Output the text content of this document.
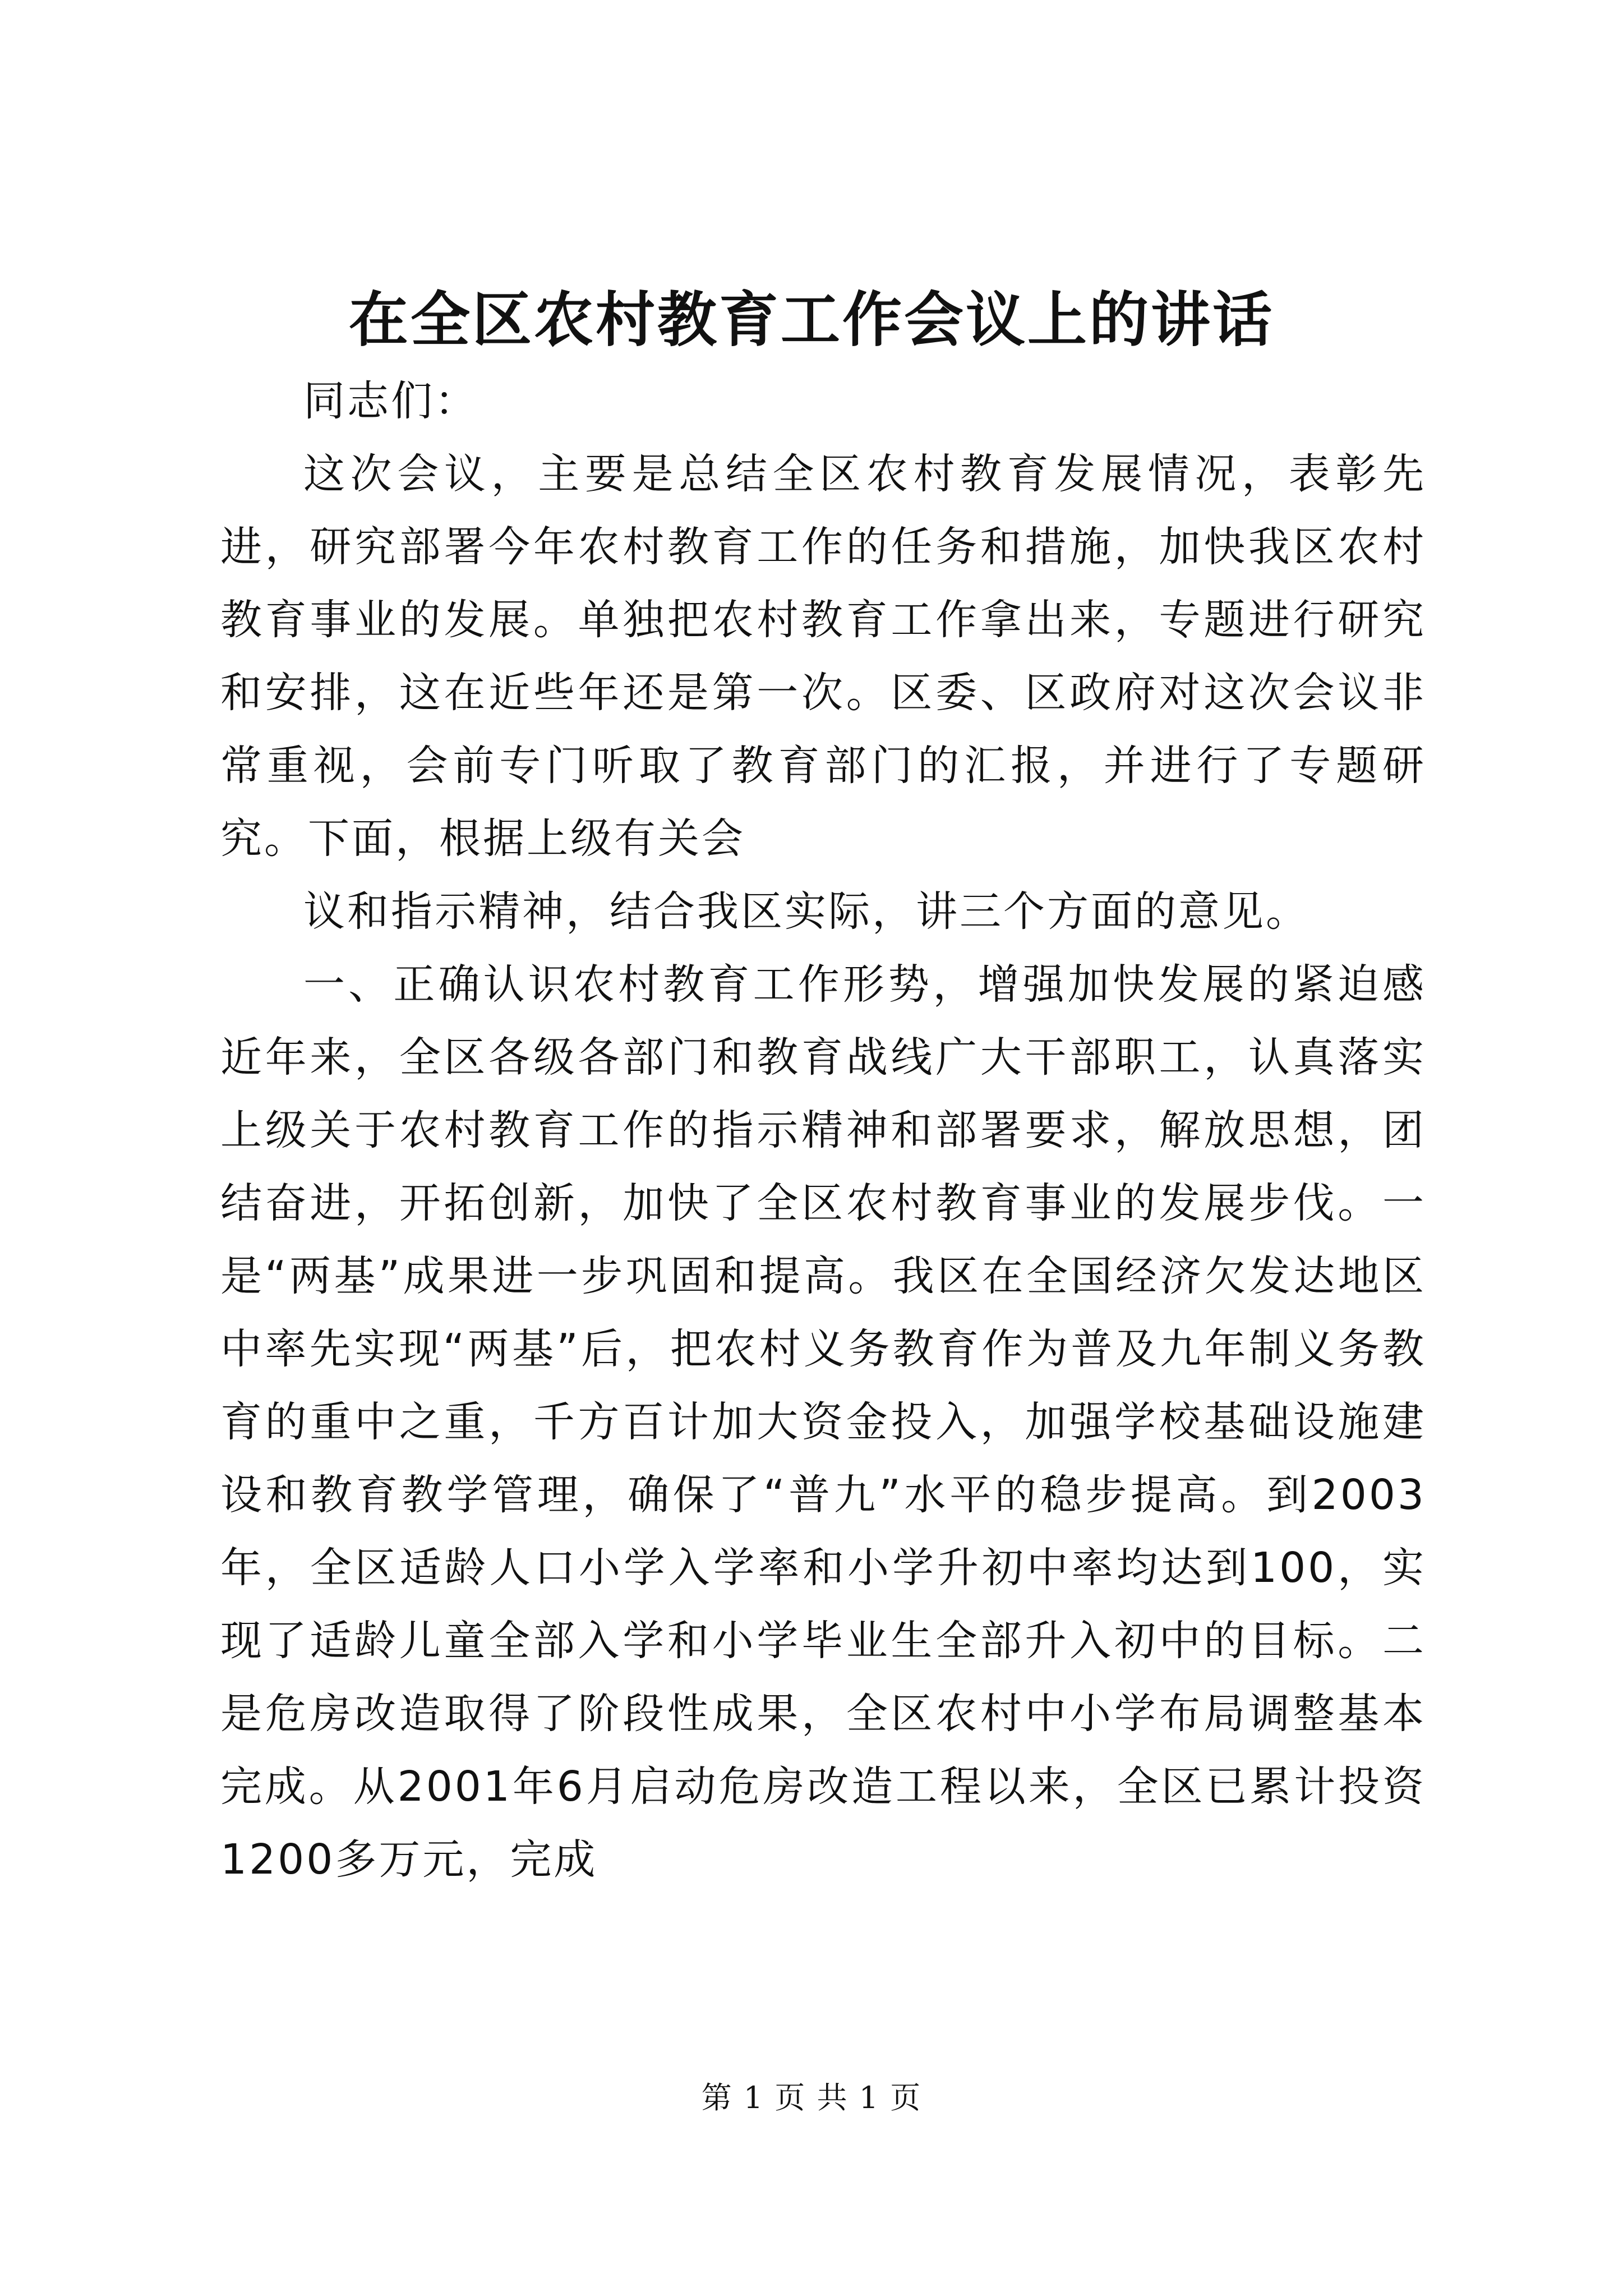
在全区农村教育工作会议上的讲话

同志们：

这次会议，主要是总结全区农村教育发展情况，表彰先进，研究部署今年农村教育工作的任务和措施，加快我区农村教育事业的发展。单独把农村教育工作拿出来，专题进行研究和安排，这在近些年还是第一次。区委、区政府对这次会议非常重视，会前专门听取了教育部门的汇报，并进行了专题研究。下面，根据上级有关会

议和指示精神，结合我区实际，讲三个方面的意见。

一、正确认识农村教育工作形势，增强加快发展的紧迫感近年来，全区各级各部门和教育战线广大干部职工，认真落实上级关于农村教育工作的指示精神和部署要求，解放思想，团结奋进，开拓创新，加快了全区农村教育事业的发展步伐。一是“两基”成果进一步巩固和提高。我区在全国经济欠发达地区中率先实现“两基”后，把农村义务教育作为普及九年制义务教育的重中之重，千方百计加大资金投入，加强学校基础设施建设和教育教学管理，确保了“普九”水平的稳步提高。到2003年，全区适龄人口小学入学率和小学升初中率均达到100，实现了适龄儿童全部入学和小学毕业生全部升入初中的目标。二是危房改造取得了阶段性成果，全区农村中小学布局调整基本完成。从2001年6月启动危房改造工程以来，全区已累计投资1200多万元，完成

第 1 页 共 1 页
